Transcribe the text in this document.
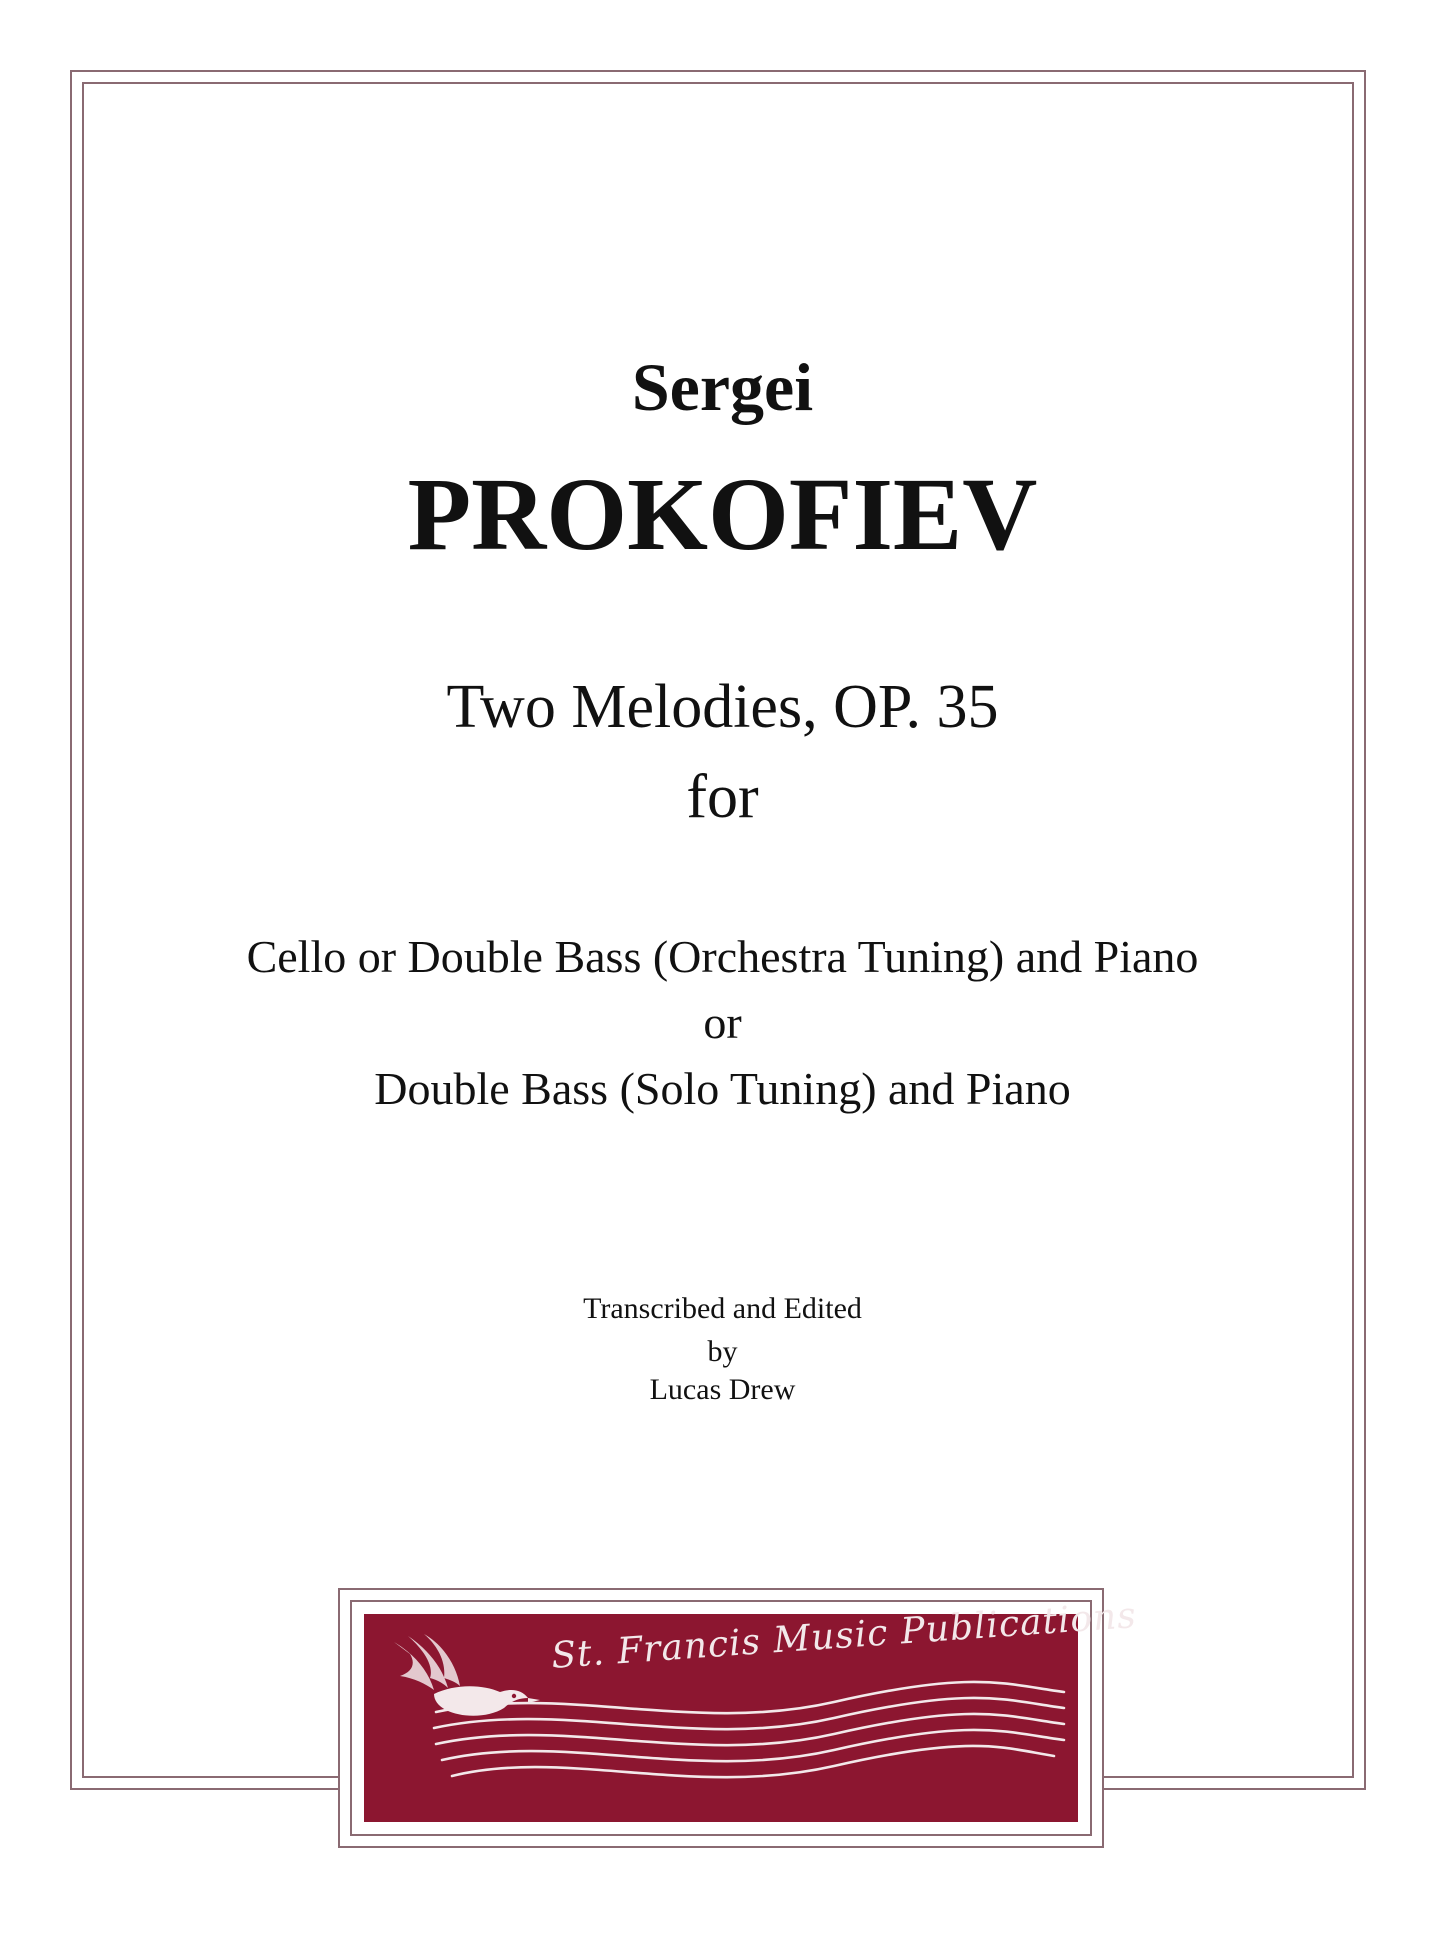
Sergei
PROKOFIEV
Two Melodies, OP. 35
for
Cello or Double Bass (Orchestra Tuning) and Piano
or
Double Bass (Solo Tuning) and Piano
Transcribed and Edited
by
Lucas Drew
St. Francis Music Publications
